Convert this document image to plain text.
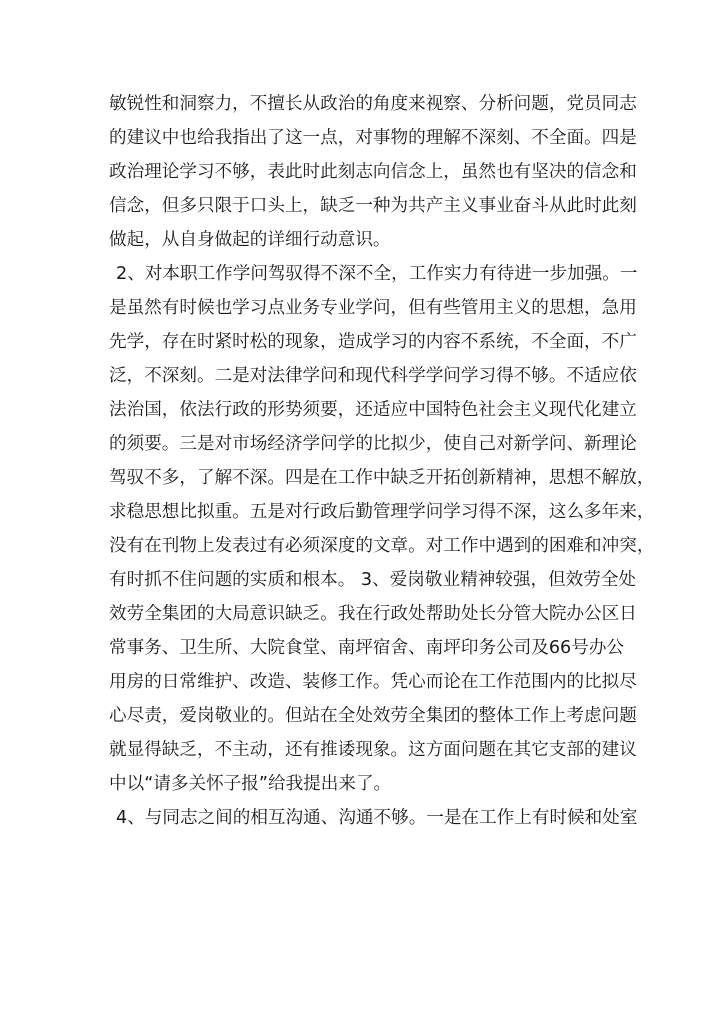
敏锐性和洞察力，不擅长从政治的角度来视察、分析问题，党员同志
的建议中也给我指出了这一点，对事物的理解不深刻、不全面。四是
政治理论学习不够，表此时此刻志向信念上，虽然也有坚决的信念和
信念，但多只限于口头上，缺乏一种为共产主义事业奋斗从此时此刻
做起，从自身做起的详细行动意识。
2、对本职工作学问驾驭得不深不全，工作实力有待进一步加强。一
是虽然有时候也学习点业务专业学问，但有些管用主义的思想，急用
先学，存在时紧时松的现象，造成学习的内容不系统，不全面，不广
泛，不深刻。二是对法律学问和现代科学学问学习得不够。不适应依
法治国，依法行政的形势须要，还适应中国特色社会主义现代化建立
的须要。三是对市场经济学问学的比拟少，使自己对新学问、新理论
驾驭不多，了解不深。四是在工作中缺乏开拓创新精神，思想不解放，
求稳思想比拟重。五是对行政后勤管理学问学习得不深，这么多年来，
没有在刊物上发表过有必须深度的文章。对工作中遇到的困难和冲突，
有时抓不住问题的实质和根本。 3、爱岗敬业精神较强，但效劳全处
效劳全集团的大局意识缺乏。我在行政处帮助处长分管大院办公区日
常事务、卫生所、大院食堂、南坪宿舍、南坪印务公司及66号办公
用房的日常维护、改造、装修工作。凭心而论在工作范围内的比拟尽
心尽责，爱岗敬业的。但站在全处效劳全集团的整体工作上考虑问题
就显得缺乏，不主动，还有推诿现象。这方面问题在其它支部的建议
中以“请多关怀子报”给我提出来了。
4、与同志之间的相互沟通、沟通不够。一是在工作上有时候和处室
